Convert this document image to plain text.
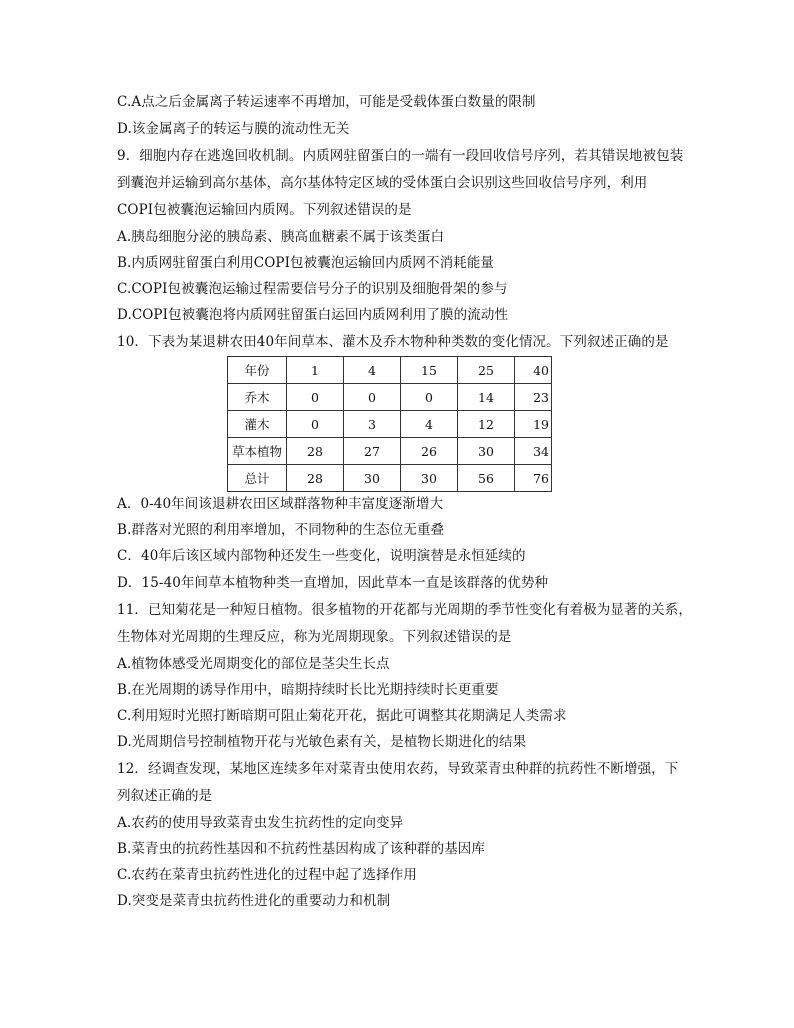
C.A点之后金属离子转运速率不再增加，可能是受载体蛋白数量的限制
D.该金属离子的转运与膜的流动性无关
9．细胞内存在逃逸回收机制。内质网驻留蛋白的一端有一段回收信号序列，若其错误地被包装
到囊泡并运输到高尔基体，高尔基体特定区域的受体蛋白会识别这些回收信号序列，利用
COPI包被囊泡运输回内质网。下列叙述错误的是
A.胰岛细胞分泌的胰岛素、胰高血糖素不属于该类蛋白
B.内质网驻留蛋白利用COPI包被囊泡运输回内质网不消耗能量
C.COPI包被囊泡运输过程需要信号分子的识别及细胞骨架的参与
D.COPI包被囊泡将内质网驻留蛋白运回内质网利用了膜的流动性
10．下表为某退耕农田40年间草本、灌木及乔木物种种类数的变化情况。下列叙述正确的是
年份	1	4	15	25	40
乔木	0	0	0	14	23
灌木	0	3	4	12	19
草本植物	28	27	26	30	34
总计	28	30	30	56	76
A．0-40年间该退耕农田区域群落物种丰富度逐渐增大
B.群落对光照的利用率增加，不同物种的生态位无重叠
C．40年后该区域内部物种还发生一些变化，说明演替是永恒延续的
D．15-40年间草本植物种类一直增加，因此草本一直是该群落的优势种
11．已知菊花是一种短日植物。很多植物的开花都与光周期的季节性变化有着极为显著的关系，
生物体对光周期的生理反应，称为光周期现象。下列叙述错误的是
A.植物体感受光周期变化的部位是茎尖生长点
B.在光周期的诱导作用中，暗期持续时长比光期持续时长更重要
C.利用短时光照打断暗期可阻止菊花开花，据此可调整其花期满足人类需求
D.光周期信号控制植物开花与光敏色素有关，是植物长期进化的结果
12．经调查发现，某地区连续多年对菜青虫使用农药，导致菜青虫种群的抗药性不断增强，下
列叙述正确的是
A.农药的使用导致菜青虫发生抗药性的定向变异
B.菜青虫的抗药性基因和不抗药性基因构成了该种群的基因库
C.农药在菜青虫抗药性进化的过程中起了选择作用
D.突变是菜青虫抗药性进化的重要动力和机制
